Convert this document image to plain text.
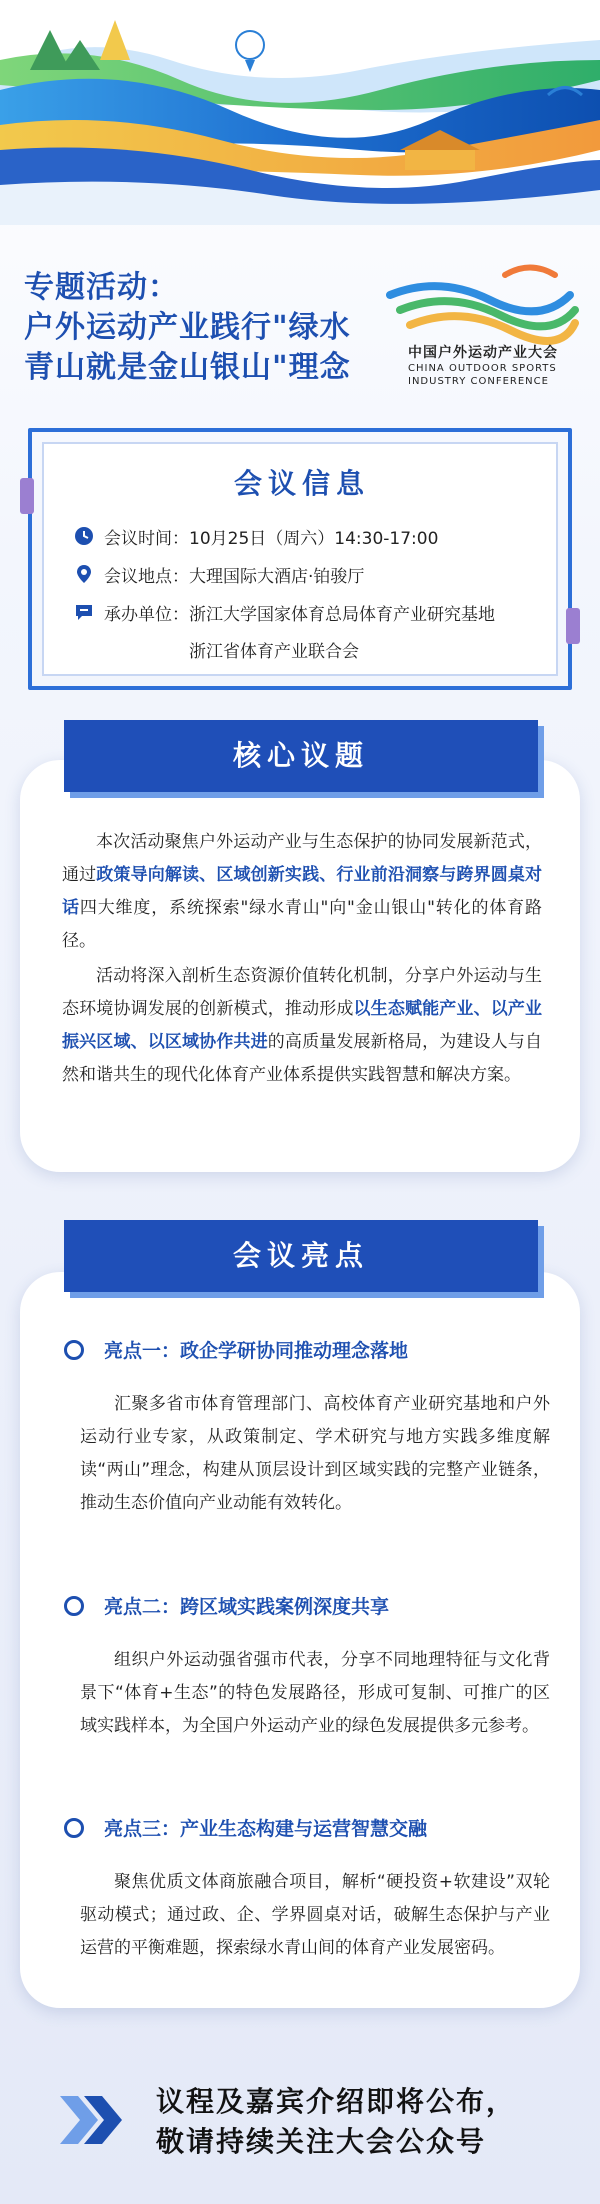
专题活动：
户外运动产业践行"绿水
青山就是金山银山"理念	中国户外运动产业大会
CHINA OUTDOOR SPORTS
INDUSTRY CONFERENCE
会议信息
会议时间： 10月25日（周六）14:30-17:00
会议地点： 大理国际大酒店·铂骏厅
承办单位： 浙江大学国家体育总局体育产业研究基地
浙江省体育产业联合会
本次活动聚焦户外运动产业与生态保护的协同发展新范式，通过政策导向解读、区域创新实践、行业前沿洞察与跨界圆桌对话四大维度，系统探索"绿水青山"向"金山银山"转化的体育路径。
活动将深入剖析生态资源价值转化机制，分享户外运动与生态环境协调发展的创新模式，推动形成以生态赋能产业、以产业振兴区域、以区域协作共进的高质量发展新格局，为建设人与自然和谐共生的现代化体育产业体系提供实践智慧和解决方案。
核心议题
亮点一：政企学研协同推动理念落地
汇聚多省市体育管理部门、高校体育产业研究基地和户外运动行业专家，从政策制定、学术研究与地方实践多维度解读“两山”理念，构建从顶层设计到区域实践的完整产业链条，推动生态价值向产业动能有效转化。
亮点二：跨区域实践案例深度共享
组织户外运动强省强市代表，分享不同地理特征与文化背景下“体育+生态”的特色发展路径，形成可复制、可推广的区域实践样本，为全国户外运动产业的绿色发展提供多元参考。
亮点三：产业生态构建与运营智慧交融
聚焦优质文体商旅融合项目，解析“硬投资+软建设”双轮驱动模式；通过政、企、学界圆桌对话，破解生态保护与产业运营的平衡难题，探索绿水青山间的体育产业发展密码。
会议亮点
议程及嘉宾介绍即将公布，
敬请持续关注大会公众号
